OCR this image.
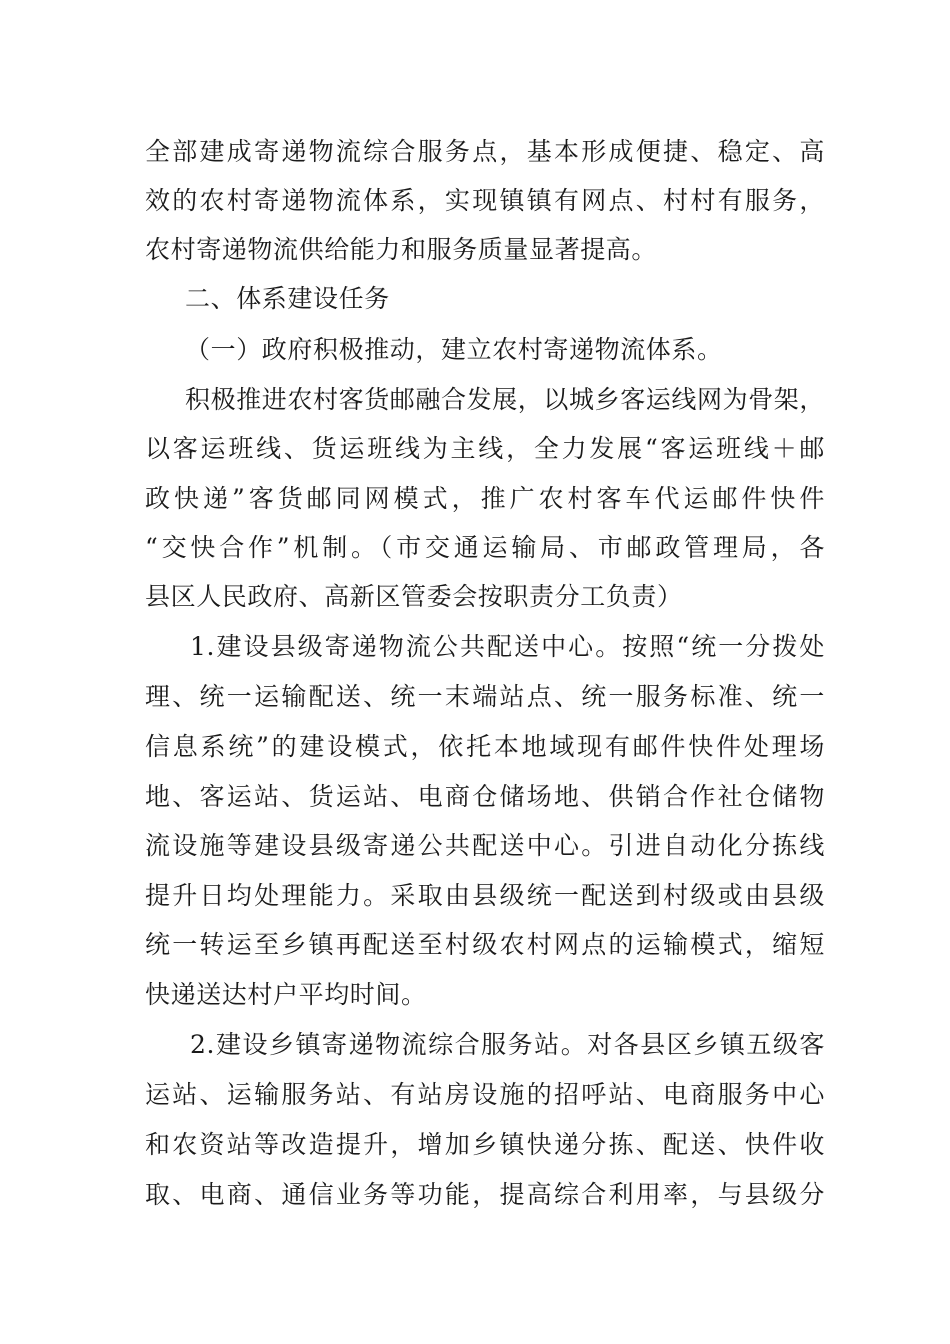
全部建成寄递物流综合服务点，基本形成便捷、稳定、高
效的农村寄递物流体系，实现镇镇有网点、村村有服务，
农村寄递物流供给能力和服务质量显著提高。
二、体系建设任务
（一）政府积极推动，建立农村寄递物流体系。
积极推进农村客货邮融合发展，以城乡客运线网为骨架，
以客运班线、货运班线为主线，全力发展“客运班线＋邮
政快递”客货邮同网模式，推广农村客车代运邮件快件
“交快合作”机制。（市交通运输局、市邮政管理局，各
县区人民政府、高新区管委会按职责分工负责）
1.建设县级寄递物流公共配送中心。按照“统一分拨处
理、统一运输配送、统一末端站点、统一服务标准、统一
信息系统”的建设模式，依托本地域现有邮件快件处理场
地、客运站、货运站、电商仓储场地、供销合作社仓储物
流设施等建设县级寄递公共配送中心。引进自动化分拣线
提升日均处理能力。采取由县级统一配送到村级或由县级
统一转运至乡镇再配送至村级农村网点的运输模式，缩短
快递送达村户平均时间。
2.建设乡镇寄递物流综合服务站。对各县区乡镇五级客
运站、运输服务站、有站房设施的招呼站、电商服务中心
和农资站等改造提升，增加乡镇快递分拣、配送、快件收
取、电商、通信业务等功能，提高综合利用率，与县级分
